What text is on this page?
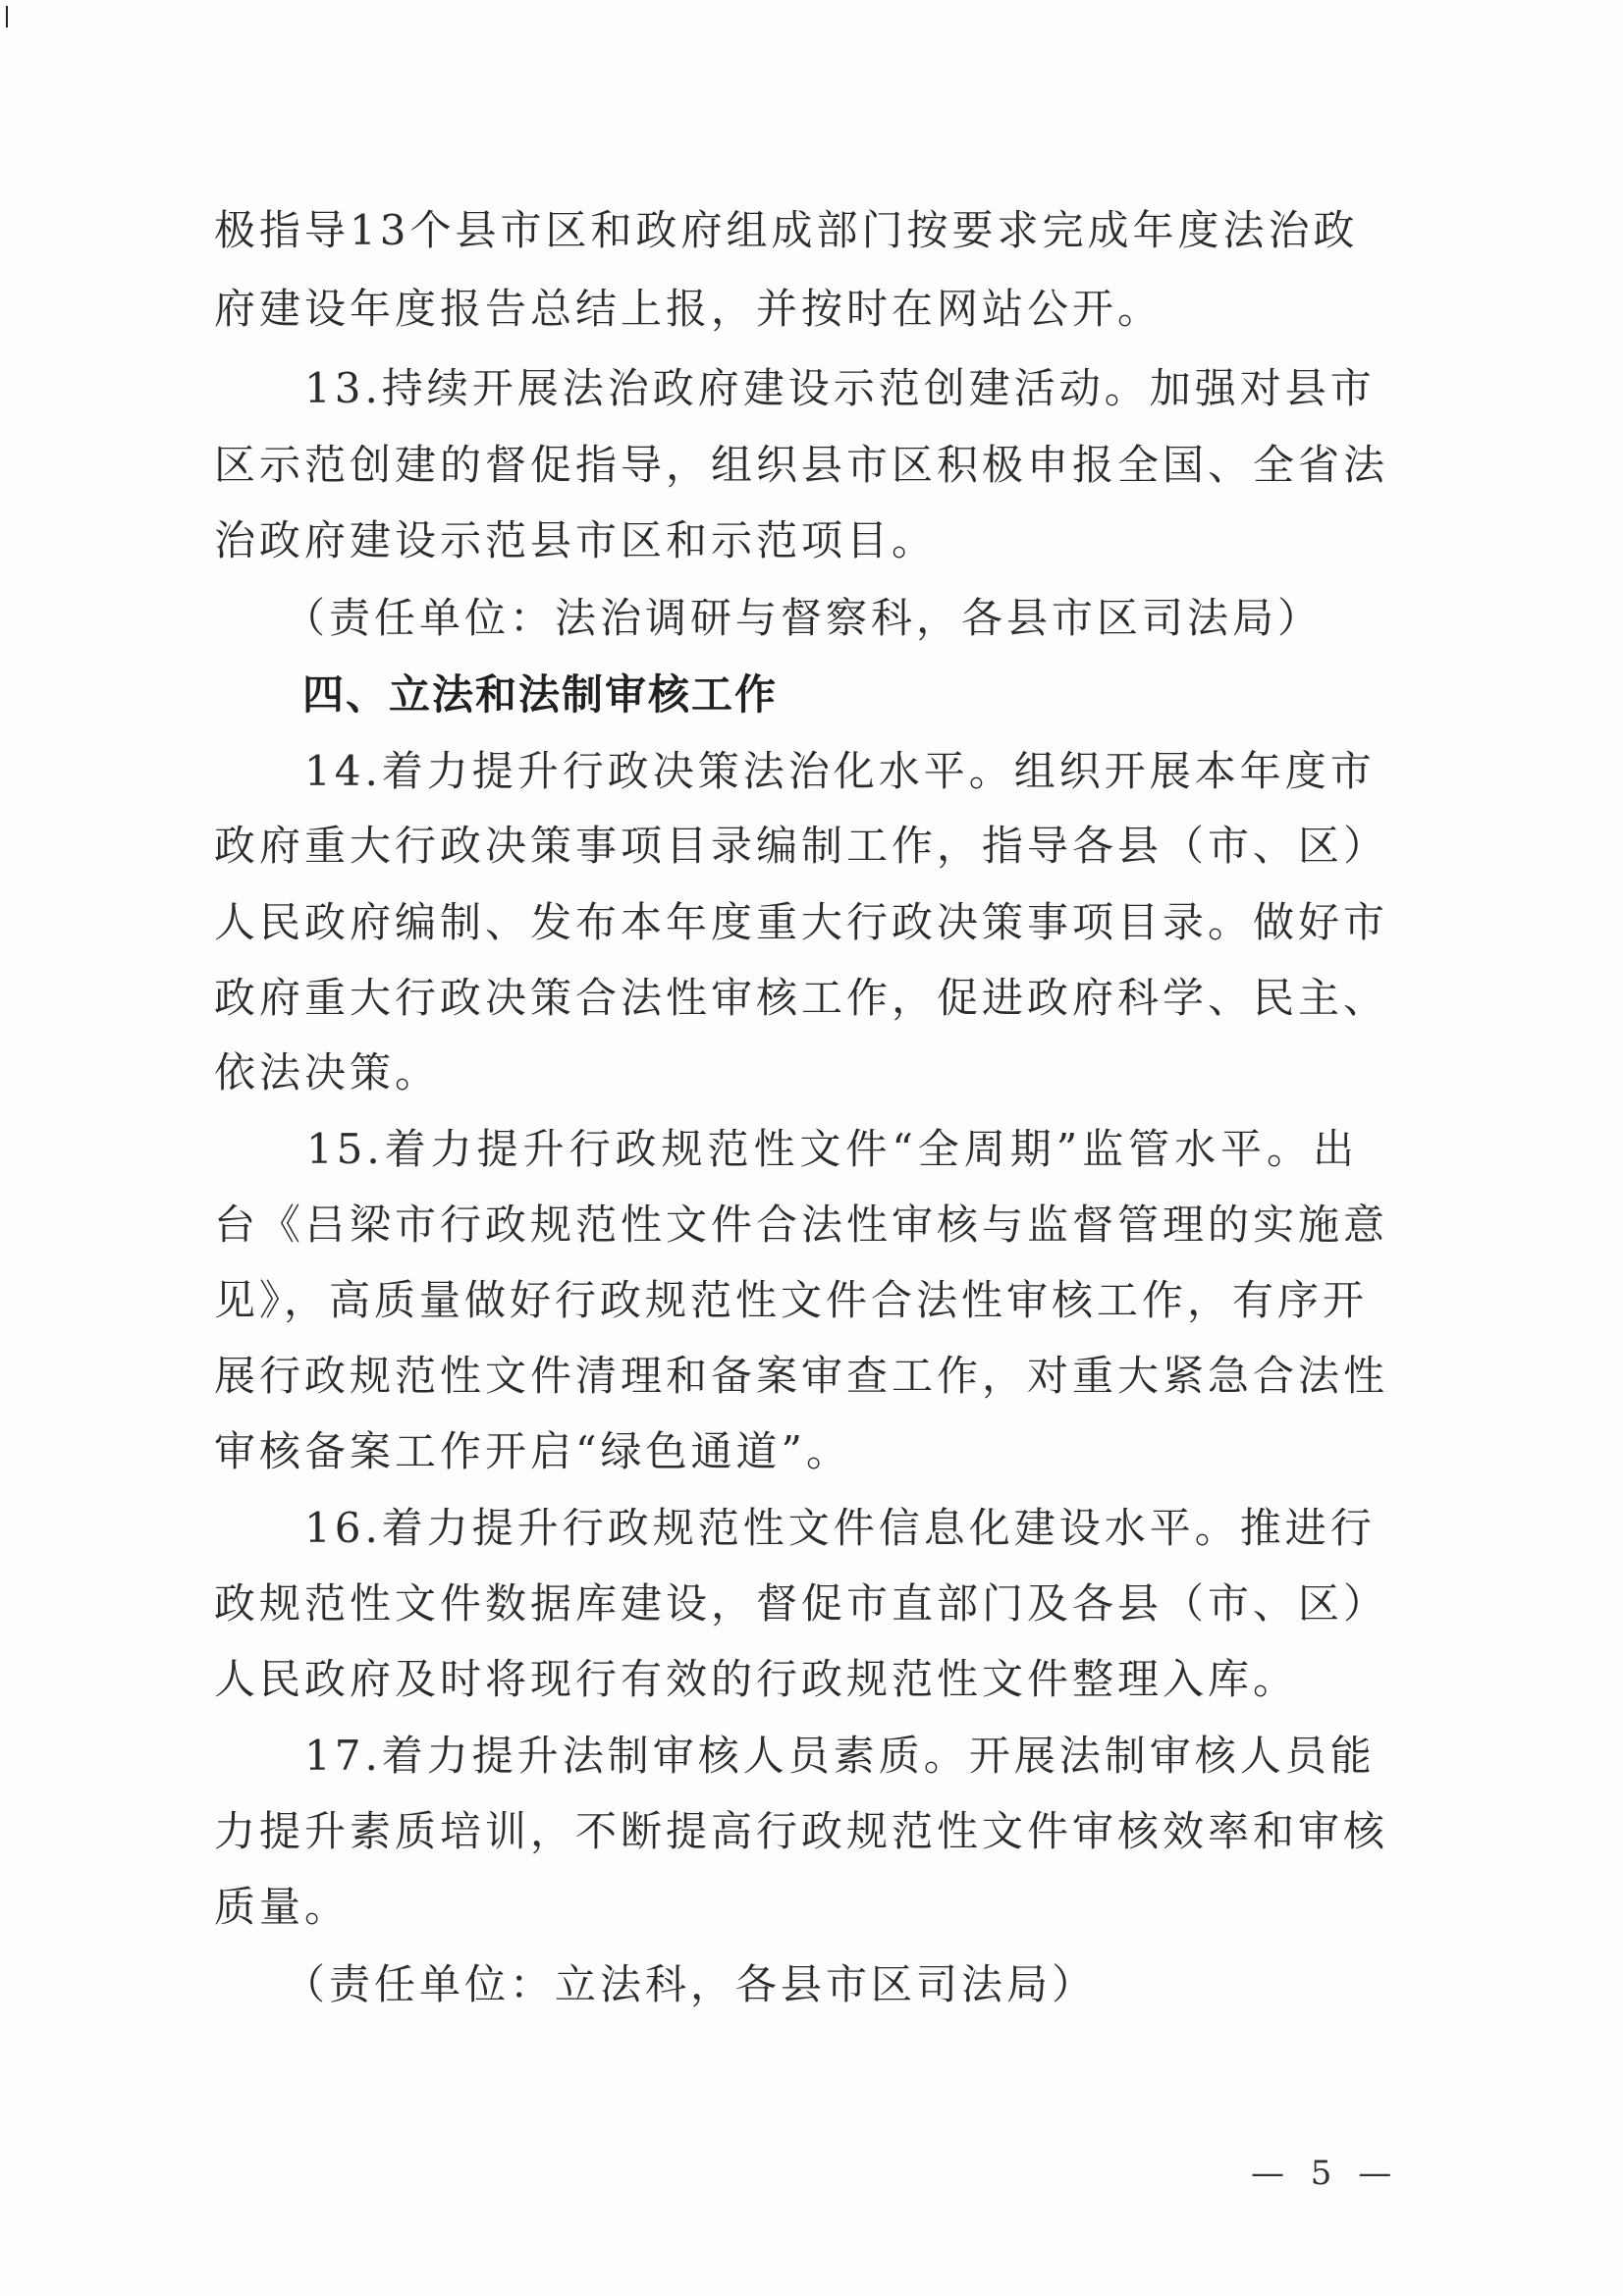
极指导13个县市区和政府组成部门按要求完成年度法治政
府建设年度报告总结上报，并按时在网站公开。
　　13.持续开展法治政府建设示范创建活动。加强对县市
区示范创建的督促指导，组织县市区积极申报全国、全省法
治政府建设示范县市区和示范项目。
　　（责任单位：法治调研与督察科，各县市区司法局）
四、立法和法制审核工作
　　14.着力提升行政决策法治化水平。组织开展本年度市
政府重大行政决策事项目录编制工作，指导各县（市、区）
人民政府编制、发布本年度重大行政决策事项目录。做好市
政府重大行政决策合法性审核工作，促进政府科学、民主、
依法决策。
　　15.着力提升行政规范性文件“全周期”监管水平。出
台《吕梁市行政规范性文件合法性审核与监督管理的实施意
见》，高质量做好行政规范性文件合法性审核工作，有序开
展行政规范性文件清理和备案审查工作，对重大紧急合法性
审核备案工作开启“绿色通道”。
　　16.着力提升行政规范性文件信息化建设水平。推进行
政规范性文件数据库建设，督促市直部门及各县（市、区）
人民政府及时将现行有效的行政规范性文件整理入库。
　　17.着力提升法制审核人员素质。开展法制审核人员能
力提升素质培训，不断提高行政规范性文件审核效率和审核
质量。
　　（责任单位：立法科，各县市区司法局）
— 5 —
